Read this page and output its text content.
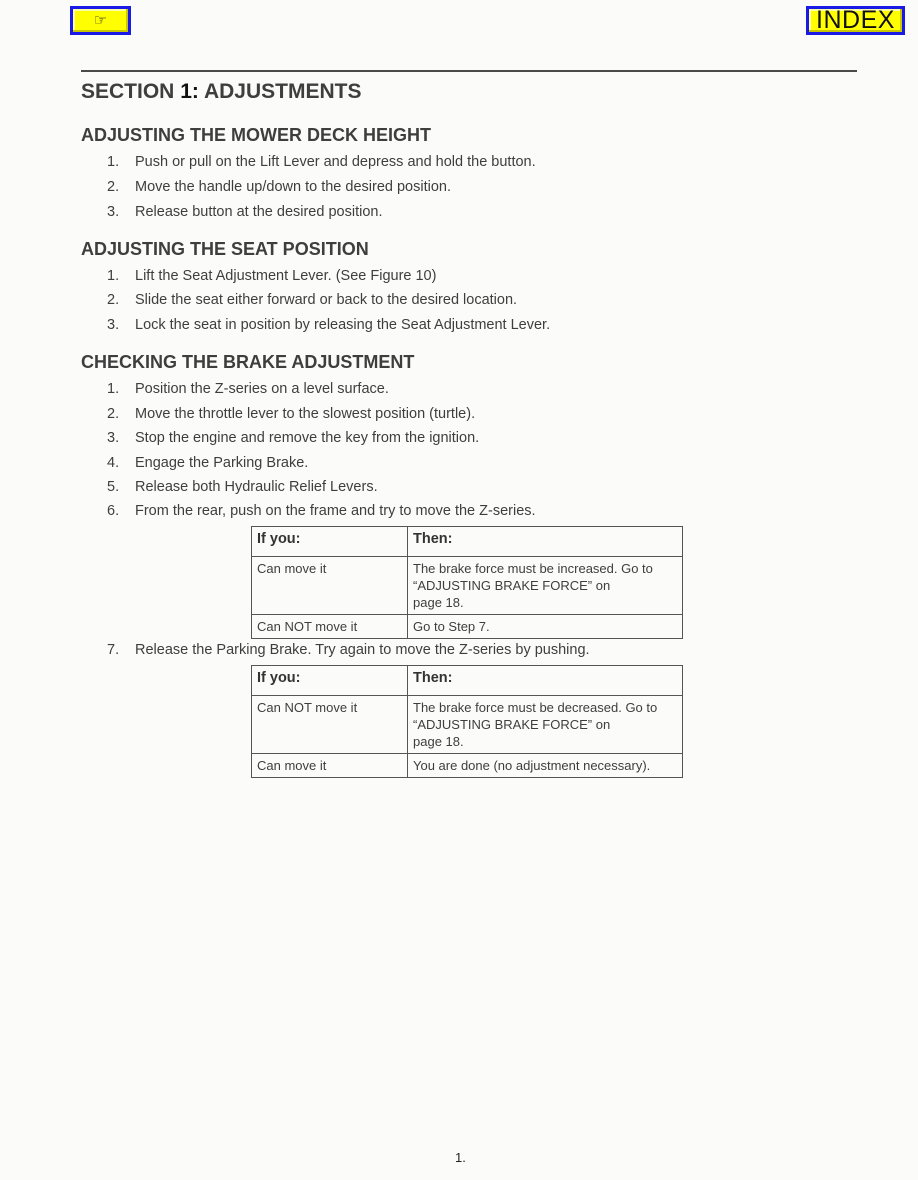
☞	INDEX
SECTION 1: ADJUSTMENTS
ADJUSTING THE MOWER DECK HEIGHT
1. Push or pull on the Lift Lever and depress and hold the button.
2. Move the handle up/down to the desired position.
3. Release button at the desired position.
ADJUSTING THE SEAT POSITION
1. Lift the Seat Adjustment Lever. (See Figure 10)
2. Slide the seat either forward or back to the desired location.
3. Lock the seat in position by releasing the Seat Adjustment Lever.
CHECKING THE BRAKE ADJUSTMENT
1. Position the Z-series on a level surface.
2. Move the throttle lever to the slowest position (turtle).
3. Stop the engine and remove the key from the ignition.
4. Engage the Parking Brake.
5. Release both Hydraulic Relief Levers.
6. From the rear, push on the frame and try to move the Z-series.
If you:	Then:
Can move it	The brake force must be increased. Go to
“ADJUSTING BRAKE FORCE” on
page 18.
Can NOT move it	Go to Step 7.
7. Release the Parking Brake. Try again to move the Z-series by pushing.
If you:	Then:
Can NOT move it	The brake force must be decreased. Go to
“ADJUSTING BRAKE FORCE” on
page 18.
Can move it	You are done (no adjustment necessary).
1.
